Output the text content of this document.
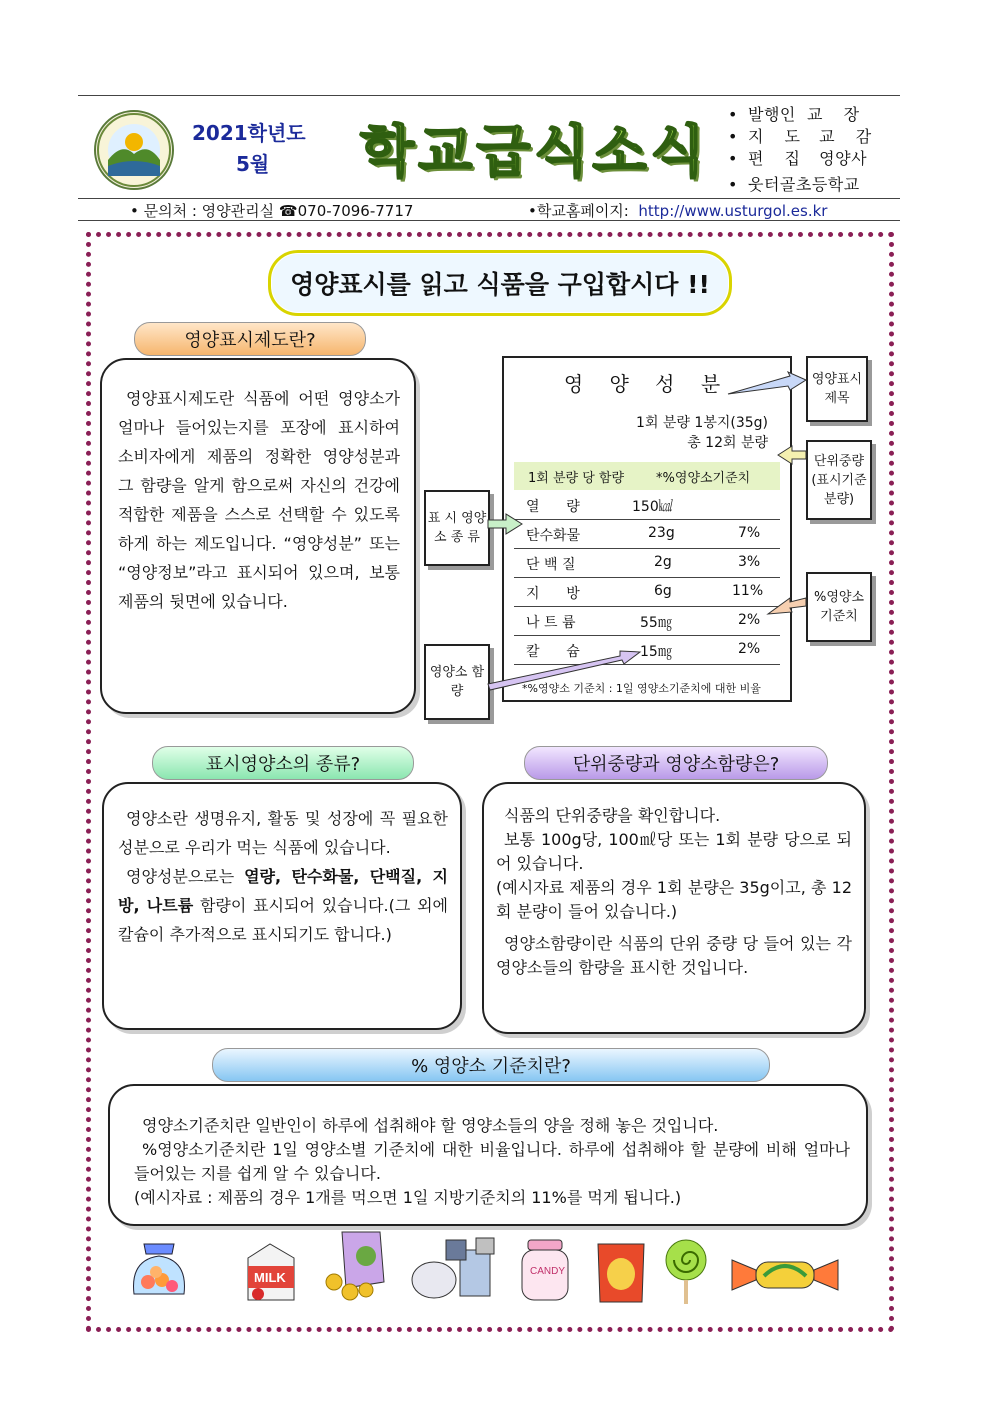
2021학년도
5월 학교급식소식
• 발행인 교 장
• 지 도 교 감
• 편 집 영양사
• 웃터골초등학교
• 문의처 : 영양관리실 ☎070-7096-7717	•학교홈페이지: http://www.usturgol.es.kr
영양표시를 읽고 식품을 구입합시다 !!
영양표시제도란?

영양표시제도란 식품에 어떤 영양소가 얼마나 들어있는지를 포장에 표시하여 소비자에게 제품의 정확한 영양성분과 그 함량을 알게 함으로써 자신의 건강에 적합한 제품을 스스로 선택할 수 있도록 하게 하는 제도입니다. “영양성분” 또는 “영양정보”라고 표시되어 있으며, 보통 제품의 뒷면에 있습니다.

영 양 성 분
1회 분량 1봉지(35g)
총 12회 분량
1회 분량 당 함량 *%영양소기준치
열      량	150㎉
탄수화물	23g	7%
단 백 질	2g	3%
지      방	6g	11%
나 트 륨	55㎎	2%
칼      슘	15㎎	2%
*%영양소 기준치 : 1일 영양소기준치에 대한 비율
영양표시 제목
단위중량 (표시기준 분량)
표 시 영양소 종 류
%영양소 기준치
영양소 함 량
표시영양소의 종류?

영양소란 생명유지, 활동 및 성장에 꼭 필요한 성분으로 우리가 먹는 식품에 있습니다.

영양성분으로는 열량, 탄수화물, 단백질, 지방, 나트륨 함량이 표시되어 있습니다.(그 외에 칼슘이 추가적으로 표시되기도 합니다.)

단위중량과 영양소함량은?

식품의 단위중량을 확인합니다.

보통 100g당, 100㎖당 또는 1회 분량 당으로 되어 있습니다.

(예시자료 제품의 경우 1회 분량은 35g이고, 총 12회 분량이 들어 있습니다.)

영양소함량이란 식품의 단위 중량 당 들어 있는 각 영양소들의 함량을 표시한 것입니다.

% 영양소 기준치란?

영양소기준치란 일반인이 하루에 섭취해야 할 영양소들의 양을 정해 놓은 것입니다.

%영양소기준치란 1일 영양소별 기준치에 대한 비율입니다. 하루에 섭취해야 할 분량에 비해 얼마나 들어있는 지를 쉽게 알 수 있습니다.

(예시자료 : 제품의 경우 1개를 먹으면 1일 지방기준치의 11%를 먹게 됩니다.)

MILK	CANDY
